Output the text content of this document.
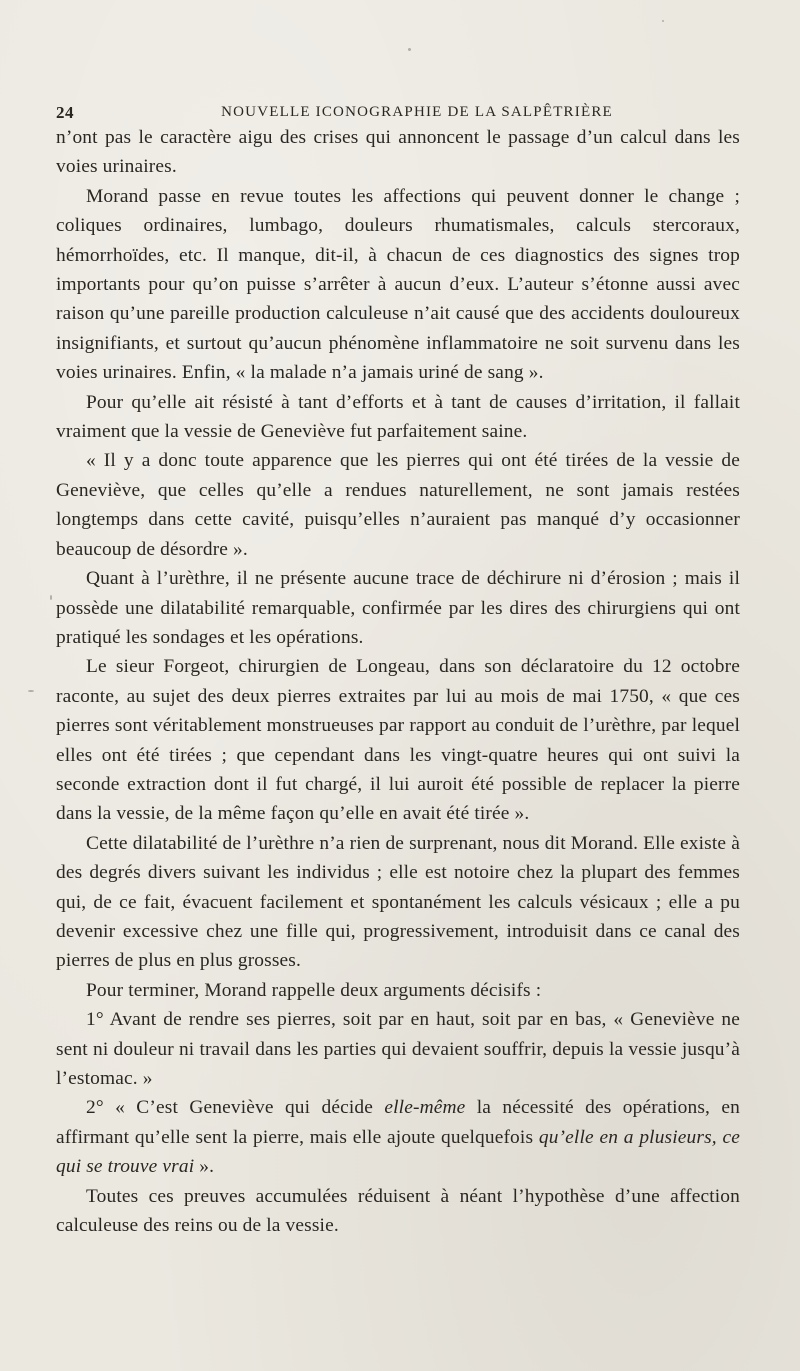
24	NOUVELLE ICONOGRAPHIE DE LA SALPÊTRIÈRE

n’ont pas le caractère aigu des crises qui annoncent le passage d’un calcul dans les voies urinaires.

Morand passe en revue toutes les affections qui peuvent donner le change ; coliques ordinaires, lumbago, douleurs rhumatismales, calculs stercoraux, hémorrhoïdes, etc. Il manque, dit-il, à chacun de ces diagnostics des signes trop importants pour qu’on puisse s’arrêter à aucun d’eux. L’auteur s’étonne aussi avec raison qu’une pareille production calculeuse n’ait causé que des accidents douloureux insignifiants, et surtout qu’aucun phénomène inflammatoire ne soit survenu dans les voies urinaires. Enfin, « la malade n’a jamais uriné de sang ».

Pour qu’elle ait résisté à tant d’efforts et à tant de causes d’irritation, il fallait vraiment que la vessie de Geneviève fut parfaitement saine.

« Il y a donc toute apparence que les pierres qui ont été tirées de la vessie de Geneviève, que celles qu’elle a rendues naturellement, ne sont jamais restées longtemps dans cette cavité, puisqu’elles n’auraient pas manqué d’y occasionner beaucoup de désordre ».

Quant à l’urèthre, il ne présente aucune trace de déchirure ni d’érosion ; mais il possède une dilatabilité remarquable, confirmée par les dires des chirurgiens qui ont pratiqué les sondages et les opérations.

Le sieur Forgeot, chirurgien de Longeau, dans son déclaratoire du 12 octobre raconte, au sujet des deux pierres extraites par lui au mois de mai 1750, « que ces pierres sont véritablement monstrueuses par rapport au conduit de l’urèthre, par lequel elles ont été tirées ; que cependant dans les vingt-quatre heures qui ont suivi la seconde extraction dont il fut chargé, il lui auroit été possible de replacer la pierre dans la vessie, de la même façon qu’elle en avait été tirée ».

Cette dilatabilité de l’urèthre n’a rien de surprenant, nous dit Morand. Elle existe à des degrés divers suivant les individus ; elle est notoire chez la plupart des femmes qui, de ce fait, évacuent facilement et spontanément les calculs vésicaux ; elle a pu devenir excessive chez une fille qui, progressivement, introduisit dans ce canal des pierres de plus en plus grosses.

Pour terminer, Morand rappelle deux arguments décisifs :

1° Avant de rendre ses pierres, soit par en haut, soit par en bas, « Geneviève ne sent ni douleur ni travail dans les parties qui devaient souffrir, depuis la vessie jusqu’à l’estomac. »

2° « C’est Geneviève qui décide elle-même la nécessité des opérations, en affirmant qu’elle sent la pierre, mais elle ajoute quelquefois qu’elle en a plusieurs, ce qui se trouve vrai ».

Toutes ces preuves accumulées réduisent à néant l’hypothèse d’une affection calculeuse des reins ou de la vessie.
